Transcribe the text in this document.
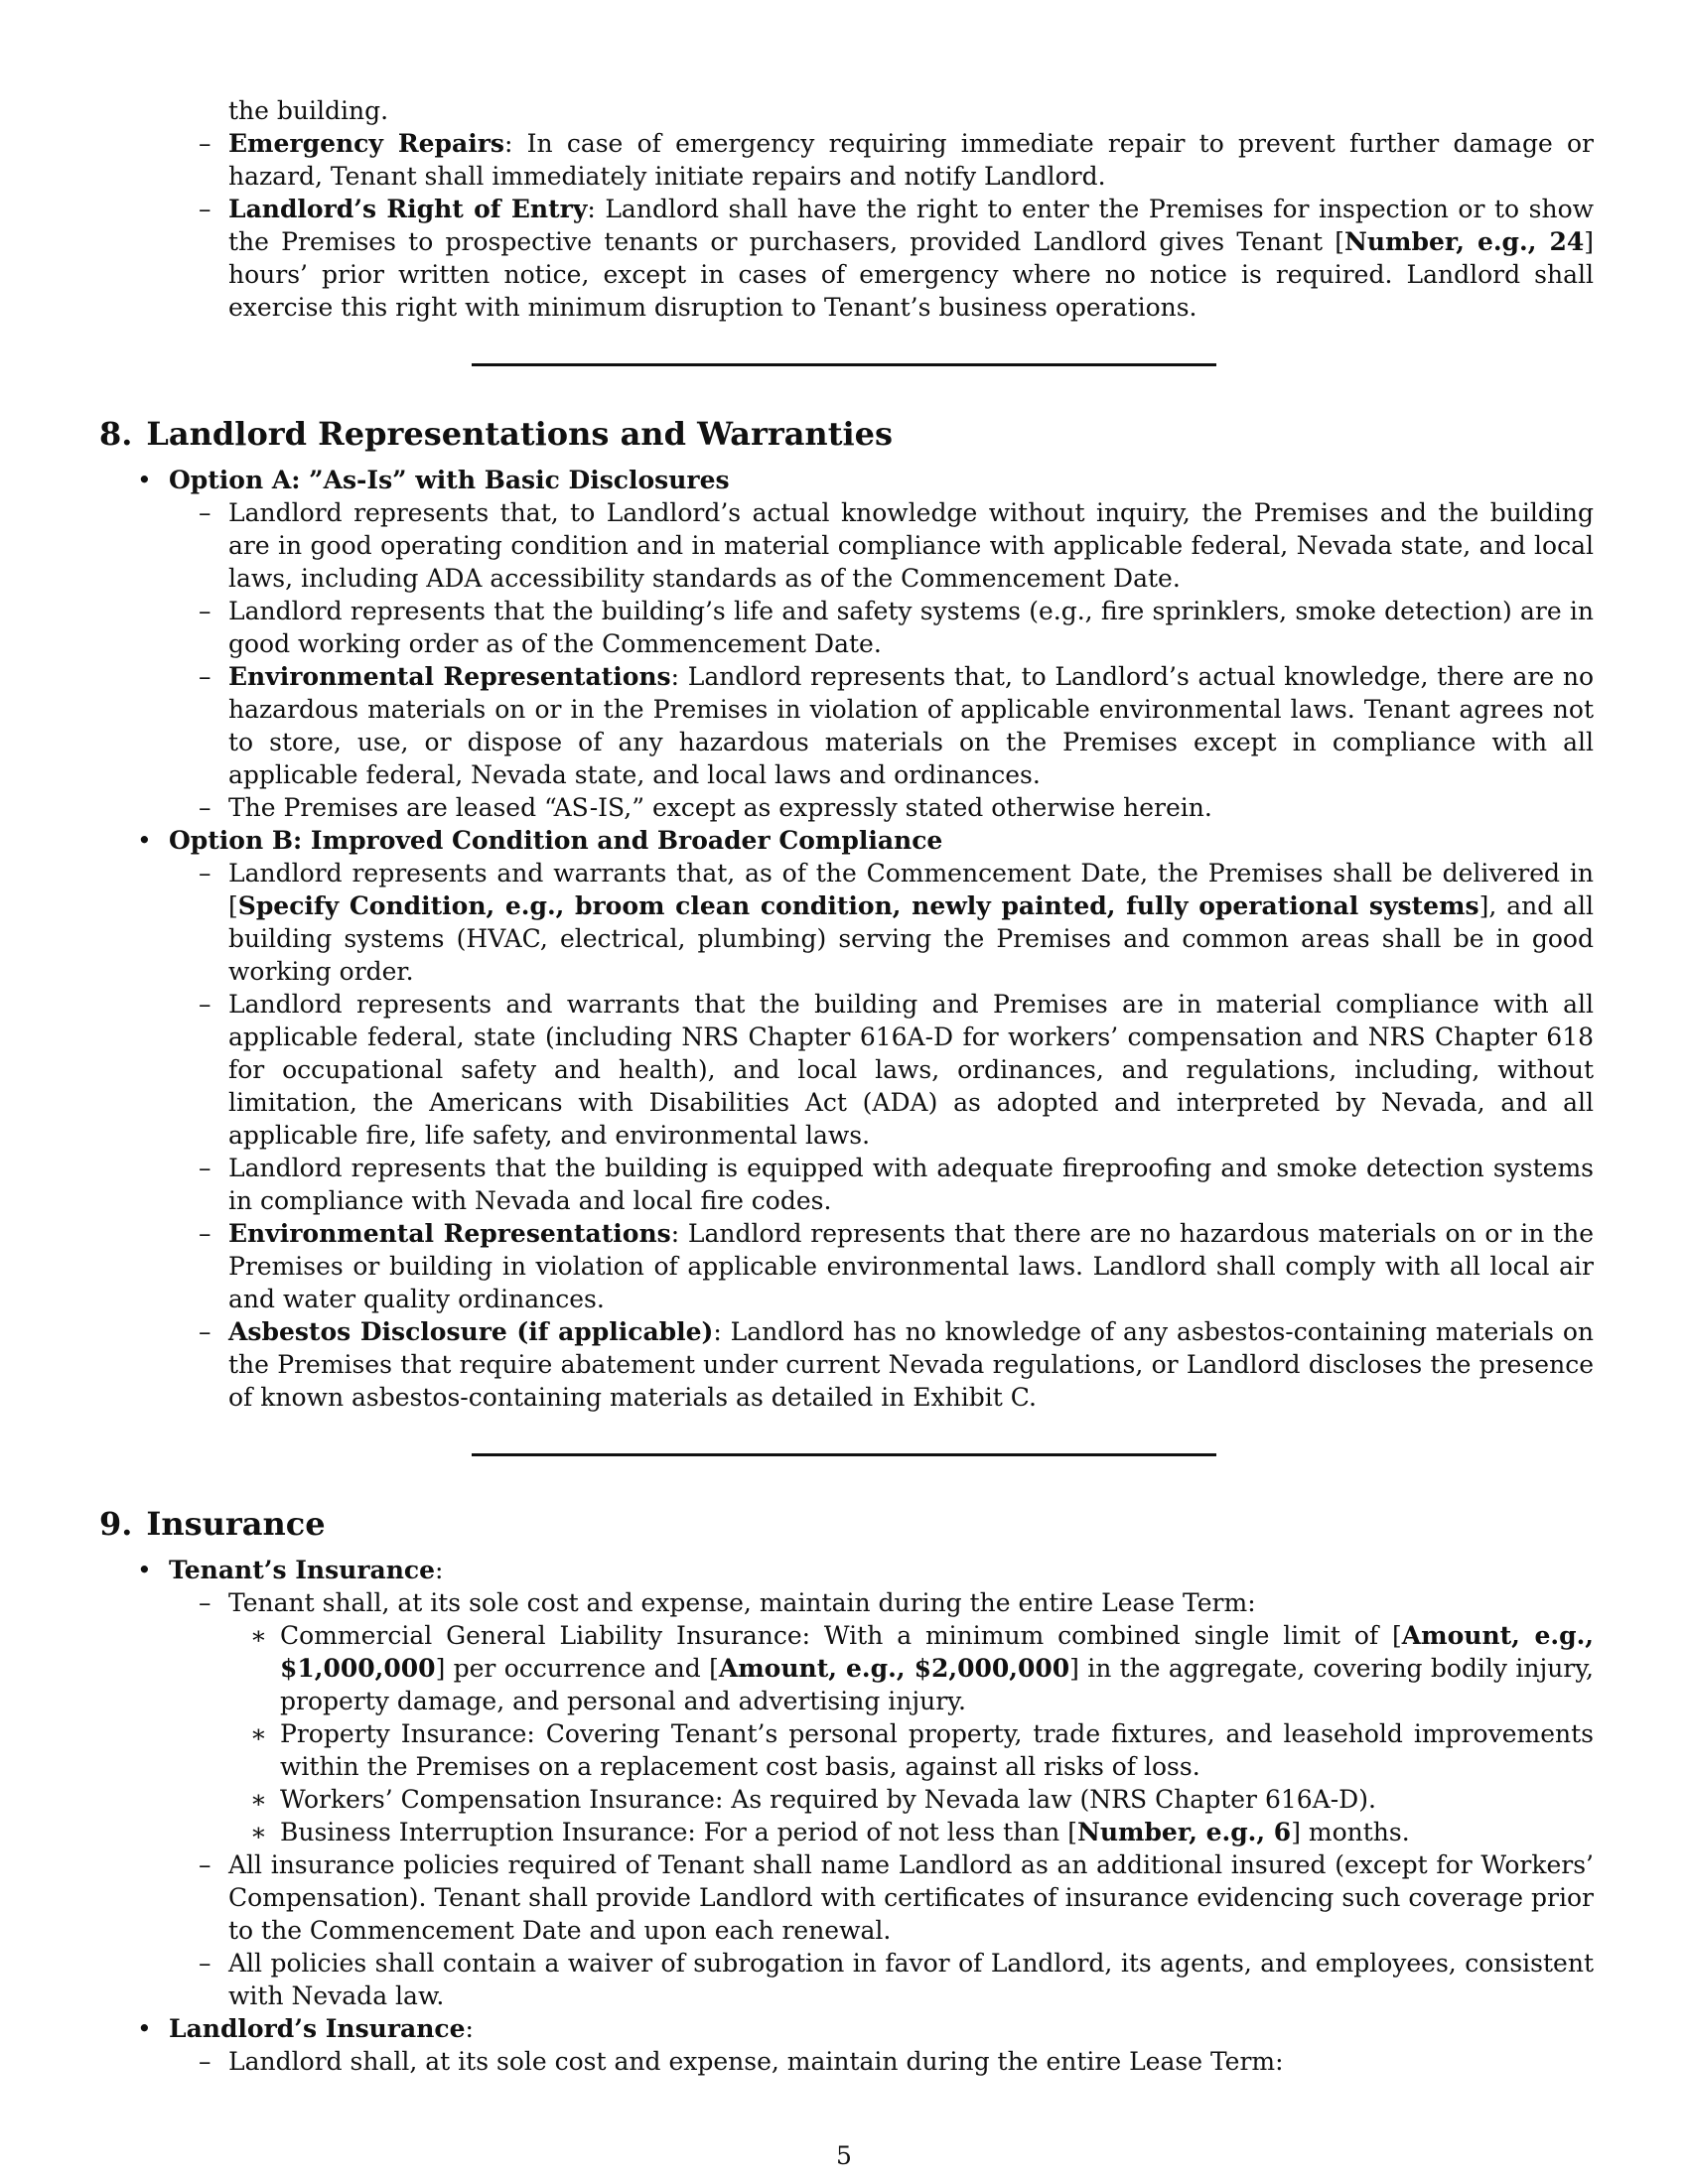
the building.
– Emergency Repairs: In case of emergency requiring immediate repair to prevent further damage or hazard, Tenant shall immediately initiate repairs and notify Landlord.
– Landlord’s Right of Entry: Landlord shall have the right to enter the Premises for inspection or to show the Premises to prospective tenants or purchasers, provided Landlord gives Tenant [Number, e.g., 24] hours’ prior written notice, except in cases of emergency where no notice is required. Landlord shall exercise this right with minimum disruption to Tenant’s business operations.
8. Landlord Representations and Warranties
• Option A: ”As-Is” with Basic Disclosures
– Landlord represents that, to Landlord’s actual knowledge without inquiry, the Premises and the building are in good operating condition and in material compliance with applicable federal, Nevada state, and local laws, including ADA accessibility standards as of the Commencement Date.
– Landlord represents that the building’s life and safety systems (e.g., fire sprinklers, smoke detection) are in good working order as of the Commencement Date.
– Environmental Representations: Landlord represents that, to Landlord’s actual knowledge, there are no hazardous materials on or in the Premises in violation of applicable environmental laws. Tenant agrees not to store, use, or dispose of any hazardous materials on the Premises except in compliance with all applicable federal, Nevada state, and local laws and ordinances.
– The Premises are leased “AS-IS,” except as expressly stated otherwise herein.
• Option B: Improved Condition and Broader Compliance
– Landlord represents and warrants that, as of the Commencement Date, the Premises shall be delivered in [Specify Condition, e.g., broom clean condition, newly painted, fully operational systems], and all building systems (HVAC, electrical, plumbing) serving the Premises and common areas shall be in good working order.
– Landlord represents and warrants that the building and Premises are in material compliance with all applicable federal, state (including NRS Chapter 616A-D for workers’ compensation and NRS Chapter 618 for occupational safety and health), and local laws, ordinances, and regulations, including, without limitation, the Americans with Disabilities Act (ADA) as adopted and interpreted by Nevada, and all applicable fire, life safety, and environmental laws.
– Landlord represents that the building is equipped with adequate fireproofing and smoke detection systems in compliance with Nevada and local fire codes.
– Environmental Representations: Landlord represents that there are no hazardous materials on or in the Premises or building in violation of applicable environmental laws. Landlord shall comply with all local air and water quality ordinances.
– Asbestos Disclosure (if applicable): Landlord has no knowledge of any asbestos-containing materials on the Premises that require abatement under current Nevada regulations, or Landlord discloses the presence of known asbestos-containing materials as detailed in Exhibit C.
9. Insurance
• Tenant’s Insurance:
– Tenant shall, at its sole cost and expense, maintain during the entire Lease Term:
∗ Commercial General Liability Insurance: With a minimum combined single limit of [Amount, e.g., $1,000,000] per occurrence and [Amount, e.g., $2,000,000] in the aggregate, covering bodily injury, property damage, and personal and advertising injury.
∗ Property Insurance: Covering Tenant’s personal property, trade fixtures, and leasehold improvements within the Premises on a replacement cost basis, against all risks of loss.
∗ Workers’ Compensation Insurance: As required by Nevada law (NRS Chapter 616A-D).
∗ Business Interruption Insurance: For a period of not less than [Number, e.g., 6] months.
– All insurance policies required of Tenant shall name Landlord as an additional insured (except for Workers’ Compensation). Tenant shall provide Landlord with certificates of insurance evidencing such coverage prior to the Commencement Date and upon each renewal.
– All policies shall contain a waiver of subrogation in favor of Landlord, its agents, and employees, consistent with Nevada law.
• Landlord’s Insurance:
– Landlord shall, at its sole cost and expense, maintain during the entire Lease Term:
5
